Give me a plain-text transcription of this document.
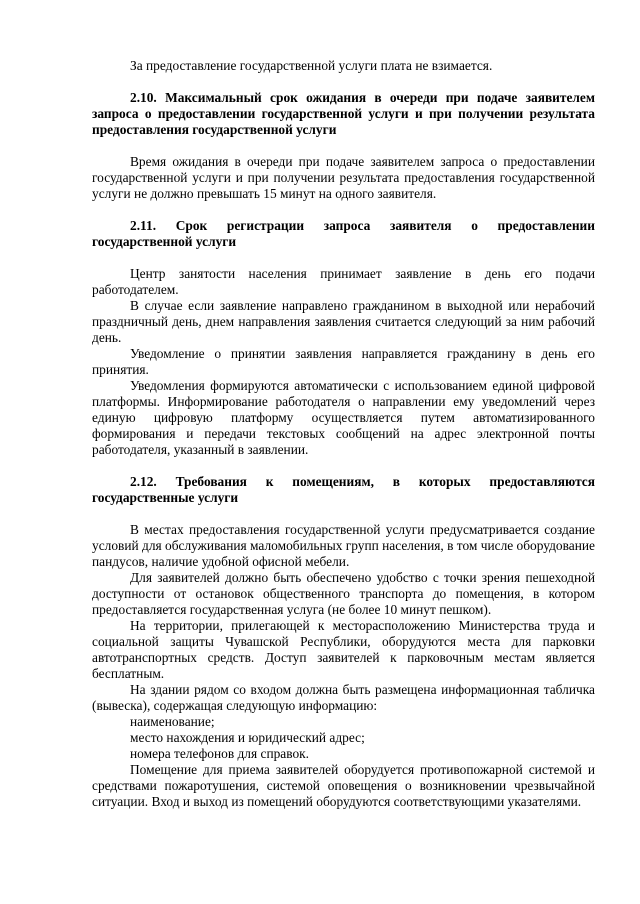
За предоставление государственной услуги плата не взимается.

2.10. Максимальный срок ожидания в очереди при подаче заявителем запроса о предоставлении государственной услуги и при получении результата предоставления государственной услуги

Время ожидания в очереди при подаче заявителем запроса о предоставлении государственной услуги и при получении результата предоставления государственной услуги не должно превышать 15 минут на одного заявителя.

2.11. Срок регистрации запроса заявителя о предоставлении государственной услуги

Центр занятости населения принимает заявление в день его подачи работодателем.

В случае если заявление направлено гражданином в выходной или нерабочий праздничный день, днем направления заявления считается следующий за ним рабочий день.

Уведомление о принятии заявления направляется гражданину в день его принятия.

Уведомления формируются автоматически с использованием единой цифровой платформы. Информирование работодателя о направлении ему уведомлений через единую цифровую платформу осуществляется путем автоматизированного формирования и передачи текстовых сообщений на адрес электронной почты работодателя, указанный в заявлении.

2.12. Требования к помещениям, в которых предоставляются государственные услуги

В местах предоставления государственной услуги предусматривается создание условий для обслуживания маломобильных групп населения, в том числе оборудование пандусов, наличие удобной офисной мебели.

Для заявителей должно быть обеспечено удобство с точки зрения пешеходной доступности от остановок общественного транспорта до помещения, в котором предоставляется государственная услуга (не более 10 минут пешком).

На территории, прилегающей к месторасположению Министерства труда и социальной защиты Чувашской Республики, оборудуются места для парковки автотранспортных средств. Доступ заявителей к парковочным местам является бесплатным.

На здании рядом со входом должна быть размещена информационная табличка (вывеска), содержащая следующую информацию:

наименование;

место нахождения и юридический адрес;

номера телефонов для справок.

Помещение для приема заявителей оборудуется противопожарной системой и средствами пожаротушения, системой оповещения о возникновении чрезвычайной ситуации. Вход и выход из помещений оборудуются соответствующими указателями.
